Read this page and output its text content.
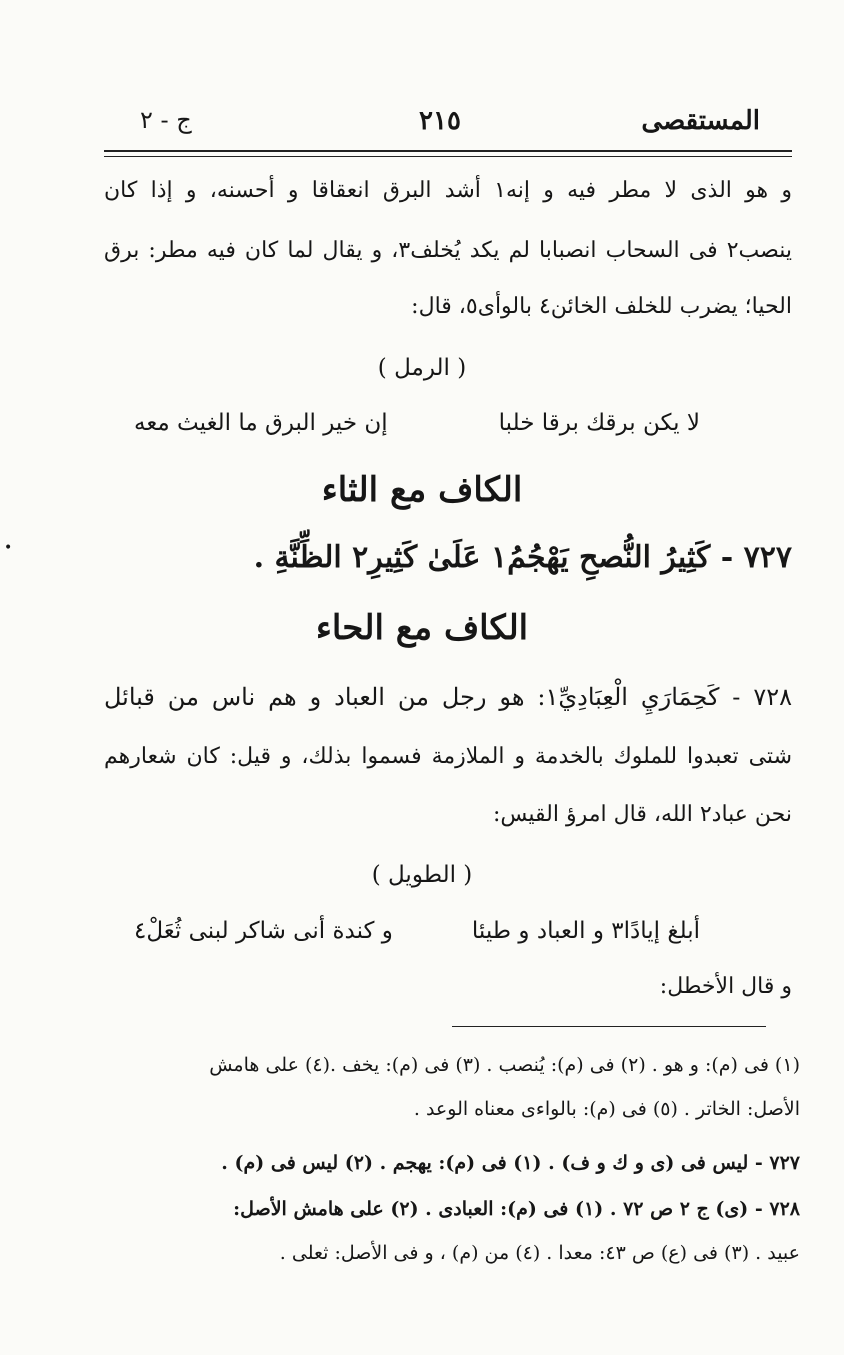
المستقصى
٢١٥
ج - ٢
و هو الذى لا مطر فيه و إنه١ أشد البرق انعقاقا و أحسنه، و إذا كان
ينصب٢ فى السحاب انصبابا لم يكد يُخلف٣، و يقال لما كان فيه مطر: برق
الحيا؛ يضرب للخلف الخائن٤ بالوأى٥، قال:
( الرمل )
لا يكن برقك برقا خلبا
إن خير البرق ما الغيث معه
الكاف مع الثاء
٧٢٧ - كَثِيرُ النُّصحِ يَهْجُمُ١ عَلَىٰ كَثِيرِ٢ الظِّنَّةِ .
الكاف مع الحاء
٧٢٨ - كَحِمَارَيِ الْعِبَادِيِّ١: هو رجل من العباد و هم ناس من قبائل
شتى تعبدوا للملوك بالخدمة و الملازمة فسموا بذلك، و قيل: كان شعارهم
نحن عباد٢ الله، قال امرؤ القيس:
( الطويل )
أبلغ إيادًا٣ و العباد و طيئا
و كندة أنى شاكر لبنى ثُعَلْ٤
و قال الأخطل:
(١) فى (م): و هو . (٢) فى (م): يُنصب . (٣) فى (م): يخف .(٤) على هامش
الأصل: الخاتر . (٥) فى (م): بالواءى معناه الوعد .
٧٢٧ - ليس فى (ى و ك و ف) . (١) فى (م): يهجم . (٢) ليس فى (م) .
٧٢٨ - (ى) ج ٢ ص ٧٢ . (١) فى (م): العبادى . (٢) على هامش الأصل:
عبيد . (٣) فى (ع) ص ٤٣: معدا . (٤) من (م) ، و فى الأصل: ثعلى .
•
